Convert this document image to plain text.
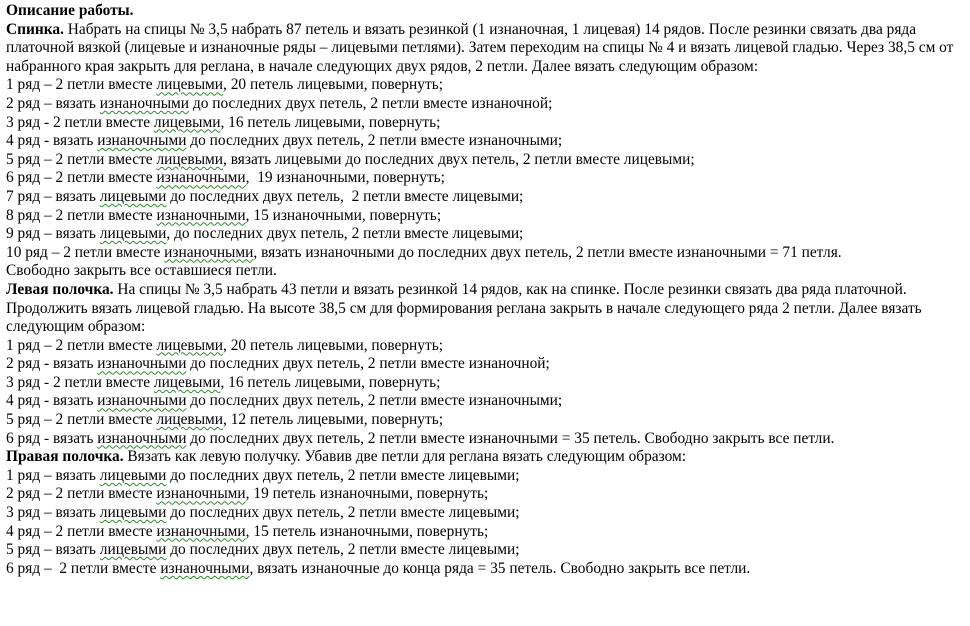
Описание работы.

Спинка. Набрать на спицы № 3,5 набрать 87 петель и вязать резинкой (1 изнаночная, 1 лицевая) 14 рядов. После резинки связать два ряда платочной вязкой (лицевые и изнаночные ряды – лицевыми петлями). Затем переходим на спицы № 4 и вязать лицевой гладью. Через 38,5 см от набранного края закрыть для реглана, в начале следующих двух рядов, 2 петли. Далее вязать следующим образом:

1 ряд – 2 петли вместе лицевыми, 20 петель лицевыми, повернуть;

2 ряд – вязать изнаночными до последних двух петель, 2 петли вместе изнаночной;

3 ряд - 2 петли вместе лицевыми, 16 петель лицевыми, повернуть;

4 ряд - вязать изнаночными до последних двух петель, 2 петли вместе изнаночными;

5 ряд – 2 петли вместе лицевыми, вязать лицевыми до последних двух петель, 2 петли вместе лицевыми;

6 ряд – 2 петли вместе изнаночными,  19 изнаночными, повернуть;

7 ряд – вязать лицевыми до последних двух петель,  2 петли вместе лицевыми;

8 ряд – 2 петли вместе изнаночными, 15 изнаночными, повернуть;

9 ряд – вязать лицевыми, до последних двух петель, 2 петли вместе лицевыми;

10 ряд – 2 петли вместе изнаночными, вязать изнаночными до последних двух петель, 2 петли вместе изнаночными = 71 петля.

Свободно закрыть все оставшиеся петли.

Левая полочка. На спицы № 3,5 набрать 43 петли и вязать резинкой 14 рядов, как на спинке. После резинки связать два ряда платочной. Продолжить вязать лицевой гладью. На высоте 38,5 см для формирования реглана закрыть в начале следующего ряда 2 петли. Далее вязать следующим образом:

1 ряд – 2 петли вместе лицевыми, 20 петель лицевыми, повернуть;

2 ряд - вязать изнаночными до последних двух петель, 2 петли вместе изнаночной;

3 ряд - 2 петли вместе лицевыми, 16 петель лицевыми, повернуть;

4 ряд - вязать изнаночными до последних двух петель, 2 петли вместе изнаночными;

5 ряд – 2 петли вместе лицевыми, 12 петель лицевыми, повернуть;

6 ряд - вязать изнаночными до последних двух петель, 2 петли вместе изнаночными = 35 петель. Свободно закрыть все петли.

Правая полочка. Вязать как левую получку. Убавив две петли для реглана вязать следующим образом:

1 ряд – вязать лицевыми до последних двух петель, 2 петли вместе лицевыми;

2 ряд – 2 петли вместе изнаночными, 19 петель изнаночными, повернуть;

3 ряд – вязать лицевыми до последних двух петель, 2 петли вместе лицевыми;

4 ряд – 2 петли вместе изнаночными, 15 петель изнаночными, повернуть;

5 ряд – вязать лицевыми до последних двух петель, 2 петли вместе лицевыми;

6 ряд –  2 петли вместе изнаночными, вязать изнаночные до конца ряда = 35 петель. Свободно закрыть все петли.
